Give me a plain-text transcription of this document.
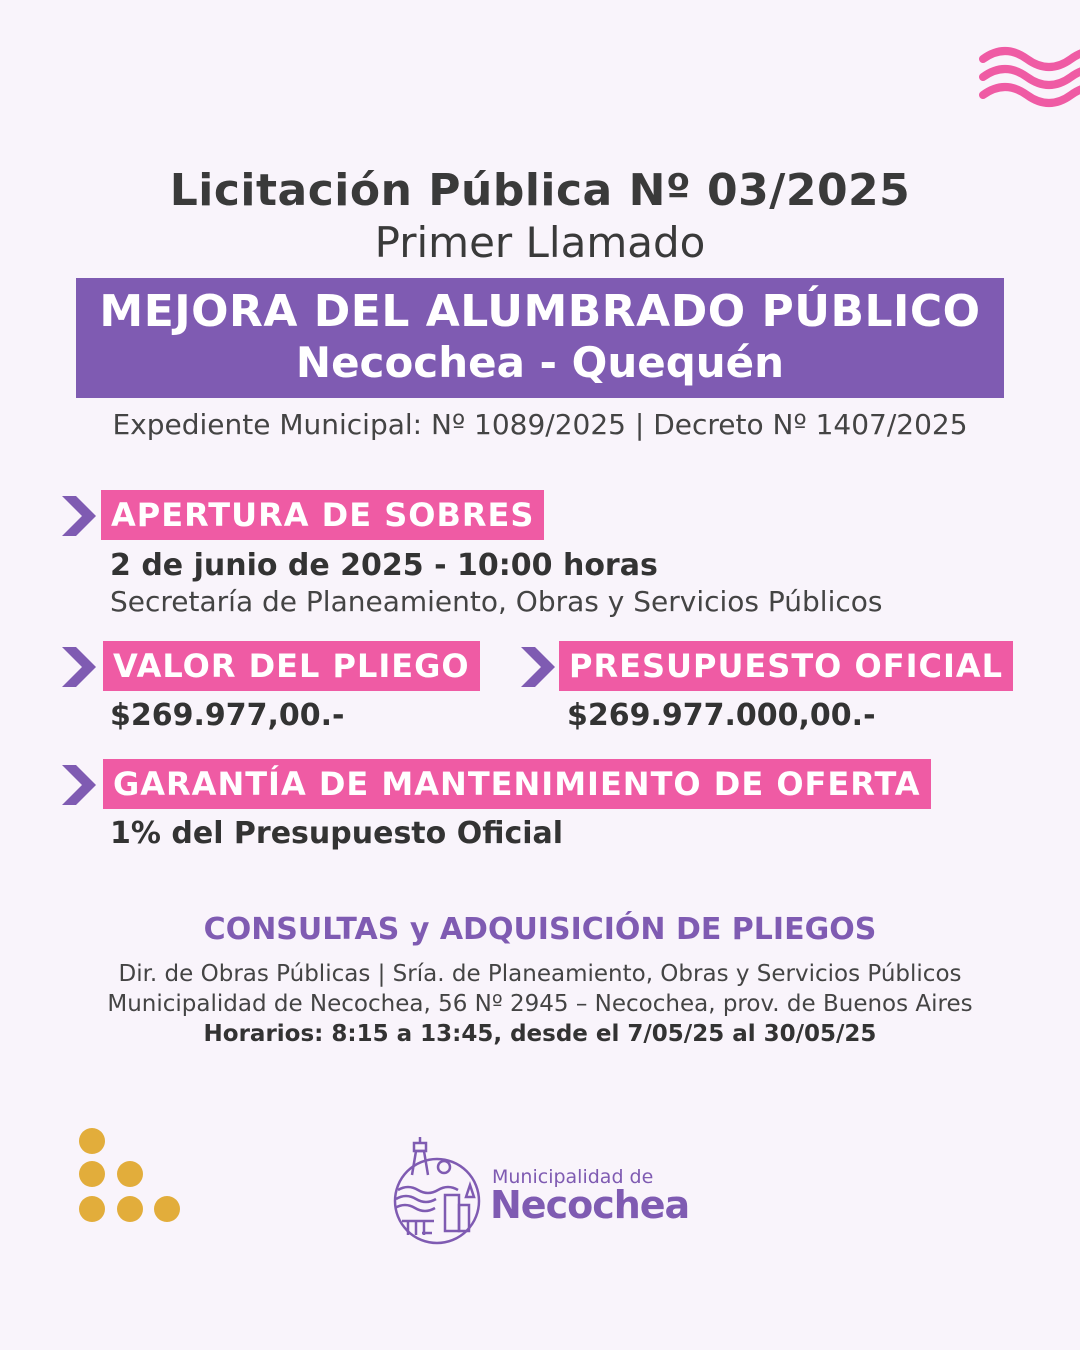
Licitación Pública Nº 03/2025
Primer Llamado
MEJORA DEL ALUMBRADO PÚBLICO
Necochea - Quequén
Expediente Municipal: Nº 1089/2025 | Decreto Nº 1407/2025
APERTURA DE SOBRES
2 de junio de 2025 - 10:00 horas
Secretaría de Planeamiento, Obras y Servicios Públicos
VALOR DEL PLIEGO
$269.977,00.-
PRESUPUESTO OFICIAL
$269.977.000,00.-
GARANTÍA DE MANTENIMIENTO DE OFERTA
1% del Presupuesto Oficial
CONSULTAS y ADQUISICIÓN DE PLIEGOS
Dir. de Obras Públicas | Sría. de Planeamiento, Obras y Servicios Públicos
Municipalidad de Necochea, 56 Nº 2945 – Necochea, prov. de Buenos Aires
Horarios: 8:15 a 13:45, desde el 7/05/25 al 30/05/25
Municipalidad de
Necochea
